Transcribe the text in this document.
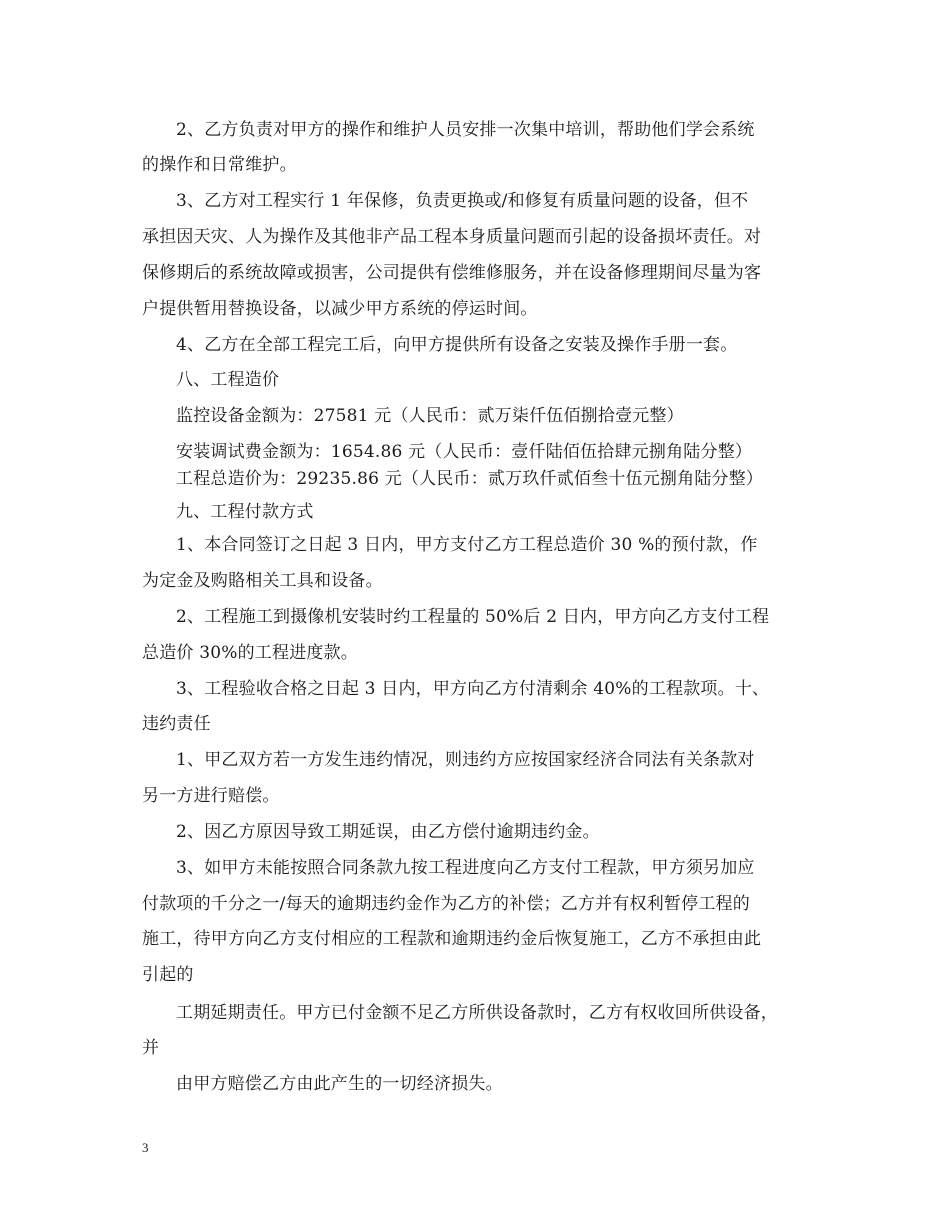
2、乙方负责对甲方的操作和维护人员安排一次集中培训，帮助他们学会系统
的操作和日常维护。
3、乙方对工程实行 1 年保修，负责更换或/和修复有质量问题的设备，但不
承担因天灾、人为操作及其他非产品工程本身质量问题而引起的设备损坏责任。对
保修期后的系统故障或损害，公司提供有偿维修服务，并在设备修理期间尽量为客
户提供暂用替换设备，以减少甲方系统的停运时间。
4、乙方在全部工程完工后，向甲方提供所有设备之安装及操作手册一套。
八、工程造价
监控设备金额为：27581 元（人民币：贰万柒仟伍佰捌拾壹元整）
安装调试费金额为：1654.86 元（人民币：壹仟陆佰伍拾肆元捌角陆分整）
工程总造价为：29235.86 元（人民币：贰万玖仟贰佰叁十伍元捌角陆分整）
九、工程付款方式
1、本合同签订之日起 3 日内，甲方支付乙方工程总造价 30 %的预付款，作
为定金及购賂相关工具和设备。
2、工程施工到摄像机安装时约工程量的 50%后 2 日内，甲方向乙方支付工程
总造价 30%的工程进度款。
3、工程验收合格之日起 3 日内，甲方向乙方付清剩余 40%的工程款项。十、
违约责任
1、甲乙双方若一方发生违约情况，则违约方应按国家经济合同法有关条款对
另一方进行赔偿。
2、因乙方原因导致工期延误，由乙方偿付逾期违约金。
3、如甲方未能按照合同条款九按工程进度向乙方支付工程款，甲方须另加应
付款项的千分之一/每天的逾期违约金作为乙方的补偿；乙方并有权利暂停工程的
施工，待甲方向乙方支付相应的工程款和逾期违约金后恢复施工，乙方不承担由此
引起的
工期延期责任。甲方已付金额不足乙方所供设备款时，乙方有权收回所供设备，
并
由甲方赔偿乙方由此产生的一切经济损失。
3
